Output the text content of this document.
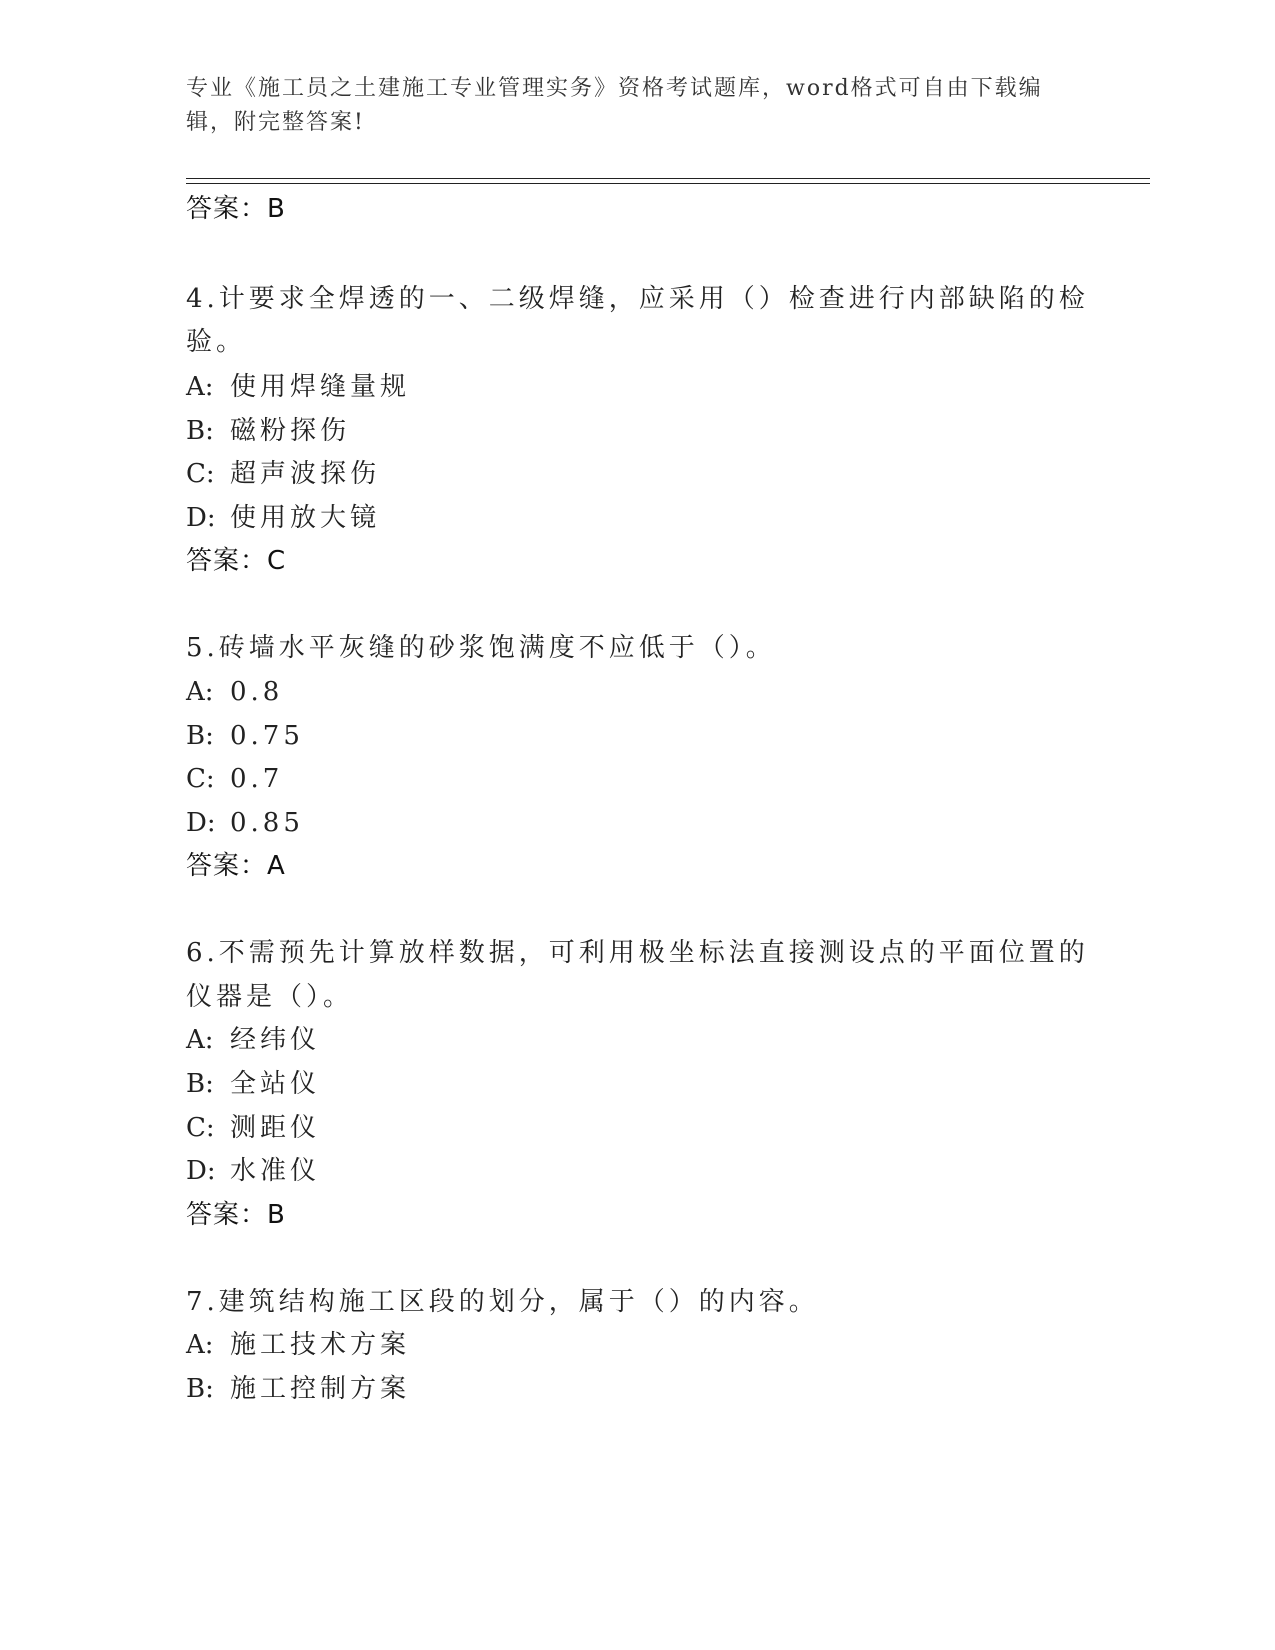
专业《施工员之土建施工专业管理实务》资格考试题库，word格式可自由下载编
辑，附完整答案!
答案：B
4.计要求全焊透的一、二级焊缝，应采用（）检查进行内部缺陷的检
验。
A: 使用焊缝量规
B: 磁粉探伤
C: 超声波探伤
D: 使用放大镜
答案：C
5.砖墙水平灰缝的砂浆饱满度不应低于（）。
A: 0.8
B: 0.75
C: 0.7
D: 0.85
答案：A
6.不需预先计算放样数据，可利用极坐标法直接测设点的平面位置的
仪器是（）。
A: 经纬仪
B: 全站仪
C: 测距仪
D: 水准仪
答案：B
7.建筑结构施工区段的划分，属于（）的内容。
A: 施工技术方案
B: 施工控制方案
